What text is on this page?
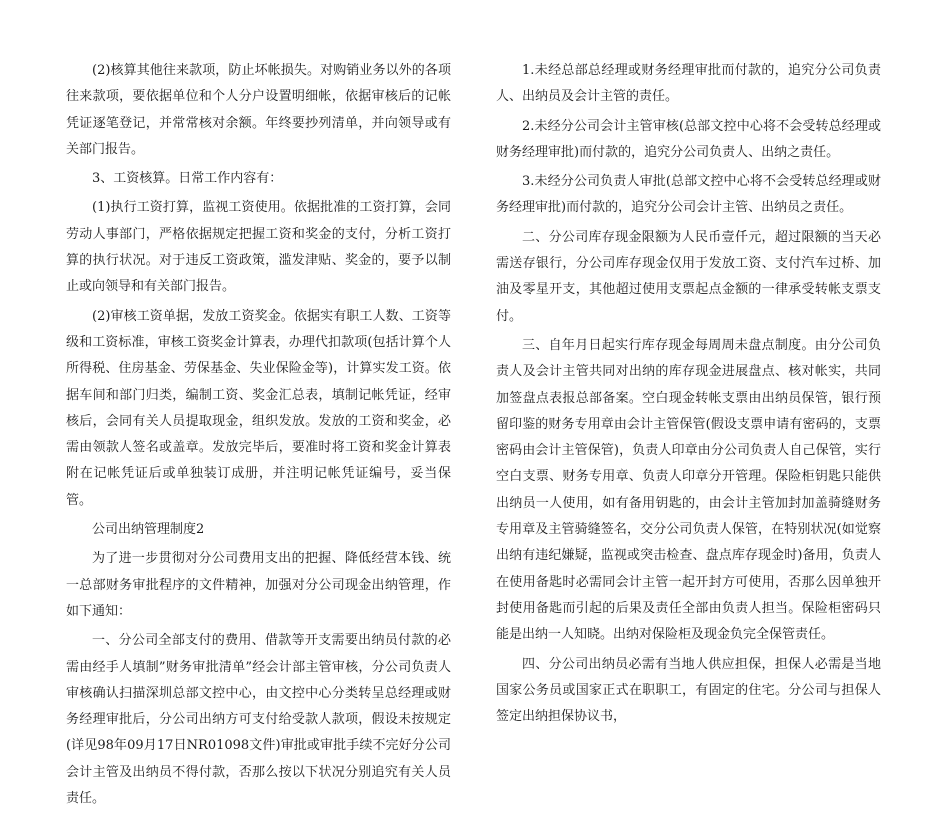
(2)核算其他往来款项，防止坏帐损失。对购销业务以外的各项往来款项，要依据单位和个人分户设置明细帐，依据审核后的记帐凭证逐笔登记，并常常核对余额。年终要抄列清单，并向领导或有关部门报告。

3、工资核算。日常工作内容有：

(1)执行工资打算，监视工资使用。依据批准的工资打算，会同劳动人事部门，严格依据规定把握工资和奖金的支付，分析工资打算的执行状况。对于违反工资政策，滥发津贴、奖金的，要予以制止或向领导和有关部门报告。

(2)审核工资单据，发放工资奖金。依据实有职工人数、工资等级和工资标准，审核工资奖金计算表，办理代扣款项(包括计算个人所得税、住房基金、劳保基金、失业保险金等)，计算实发工资。依据车间和部门归类，编制工资、奖金汇总表，填制记帐凭证，经审核后，会同有关人员提取现金，组织发放。发放的工资和奖金，必需由领款人签名或盖章。发放完毕后，要准时将工资和奖金计算表附在记帐凭证后或单独装订成册，并注明记帐凭证编号，妥当保管。

公司出纳管理制度2

为了进一步贯彻对分公司费用支出的把握、降低经营本钱、统一总部财务审批程序的文件精神，加强对分公司现金出纳管理，作如下通知：

一、分公司全部支付的费用、借款等开支需要出纳员付款的必需由经手人填制”财务审批清单”经会计部主管审核，分公司负责人审核确认扫描深圳总部文控中心，由文控中心分类转呈总经理或财务经理审批后，分公司出纳方可支付给受款人款项，假设未按规定(详见98年09月17日NR01098文件)审批或审批手续不完好分公司会计主管及出纳员不得付款，否那么按以下状况分别追究有关人员责任。

1.未经总部总经理或财务经理审批而付款的，追究分公司负责人、出纳员及会计主管的责任。

2.未经分公司会计主管审核(总部文控中心将不会受转总经理或财务经理审批)而付款的，追究分公司负责人、出纳之责任。

3.未经分公司负责人审批(总部文控中心将不会受转总经理或财务经理审批)而付款的，追究分公司会计主管、出纳员之责任。

二、分公司库存现金限额为人民币壹仟元，超过限额的当天必需送存银行，分公司库存现金仅用于发放工资、支付汽车过桥、加油及零星开支，其他超过使用支票起点金额的一律承受转帐支票支付。

三、自年月日起实行库存现金每周周未盘点制度。由分公司负责人及会计主管共同对出纳的库存现金进展盘点、核对帐实，共同加签盘点表报总部备案。空白现金转帐支票由出纳员保管，银行预留印鉴的财务专用章由会计主管保管(假设支票申请有密码的，支票密码由会计主管保管)，负责人印章由分公司负责人自己保管，实行空白支票、财务专用章、负责人印章分开管理。保险柜钥匙只能供出纳员一人使用，如有备用钥匙的，由会计主管加封加盖骑缝财务专用章及主管骑缝签名，交分公司负责人保管，在特别状况(如觉察出纳有违纪嫌疑，监视或突击检查、盘点库存现金时)备用，负责人在使用备匙时必需同会计主管一起开封方可使用，否那么因单独开封使用备匙而引起的后果及责任全部由负责人担当。保险柜密码只能是出纳一人知晓。出纳对保险柜及现金负完全保管责任。

四、分公司出纳员必需有当地人供应担保，担保人必需是当地国家公务员或国家正式在职职工，有固定的住宅。分公司与担保人签定出纳担保协议书，
